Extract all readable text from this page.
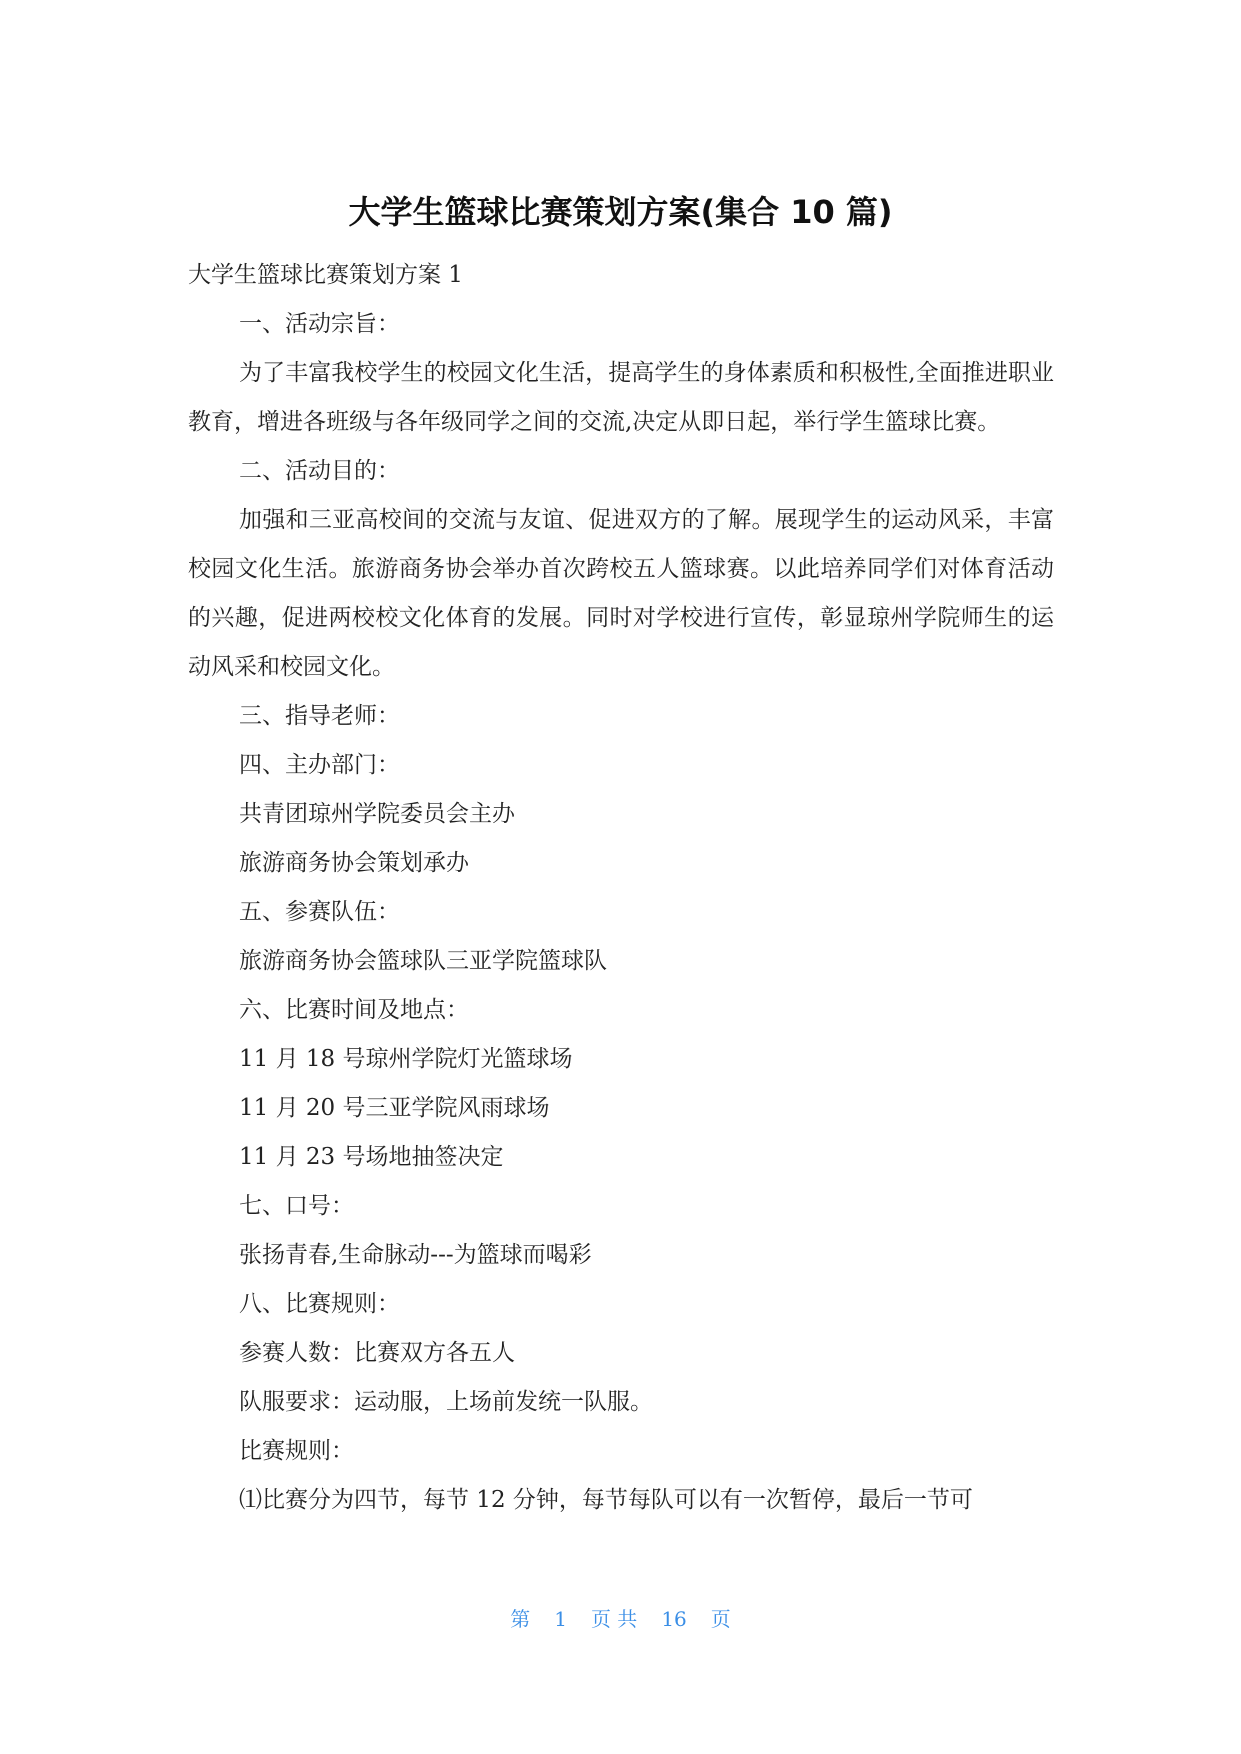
大学生篮球比赛策划方案(集合 10 篇)

大学生篮球比赛策划方案 1

一、活动宗旨：

为了丰富我校学生的校园文化生活，提高学生的身体素质和积极性,全面推进职业教育，增进各班级与各年级同学之间的交流,决定从即日起，举行学生篮球比赛。

二、活动目的：

加强和三亚高校间的交流与友谊、促进双方的了解。展现学生的运动风采，丰富校园文化生活。旅游商务协会举办首次跨校五人篮球赛。以此培养同学们对体育活动的兴趣，促进两校校文化体育的发展。同时对学校进行宣传，彰显琼州学院师生的运动风采和校园文化。

三、指导老师：

四、主办部门：

共青团琼州学院委员会主办

旅游商务协会策划承办

五、参赛队伍：

旅游商务协会篮球队三亚学院篮球队

六、比赛时间及地点：

11 月 18 号琼州学院灯光篮球场

11 月 20 号三亚学院风雨球场

11 月 23 号场地抽签决定

七、口号：

张扬青春,生命脉动---为篮球而喝彩

八、比赛规则：

参赛人数：比赛双方各五人

队服要求：运动服，上场前发统一队服。

比赛规则：

⑴比赛分为四节，每节 12 分钟，每节每队可以有一次暂停，最后一节可

第 1 页 共 16 页
